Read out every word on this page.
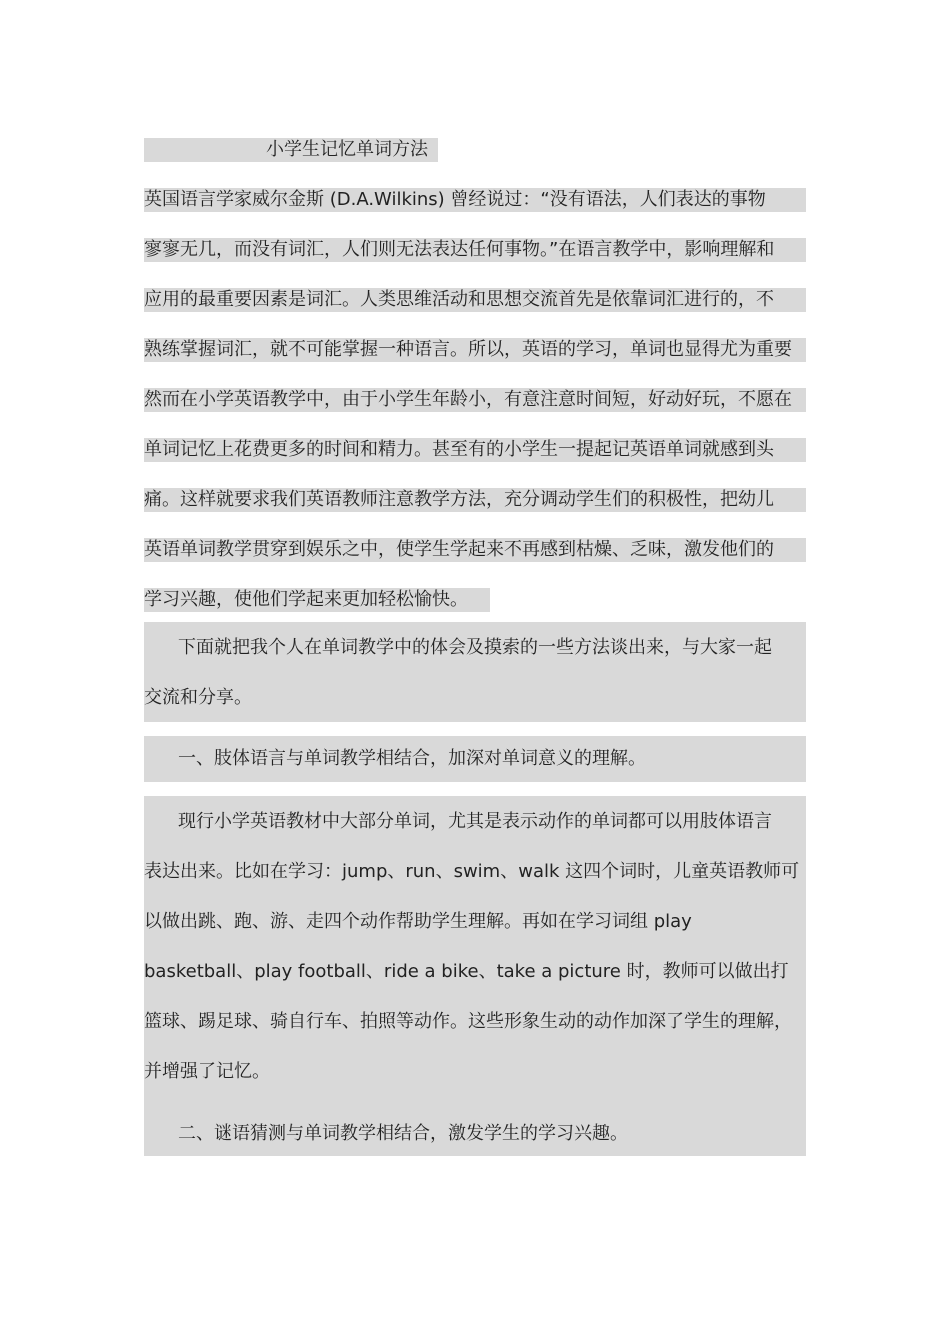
小学生记忆单词方法
英国语言学家威尔金斯 (D.A.Wilkins) 曾经说过：“没有语法，人们表达的事物
寥寥无几，而没有词汇，人们则无法表达任何事物。”在语言教学中，影响理解和
应用的最重要因素是词汇。人类思维活动和思想交流首先是依靠词汇进行的，不
熟练掌握词汇，就不可能掌握一种语言。所以，英语的学习，单词也显得尤为重要
然而在小学英语教学中，由于小学生年龄小，有意注意时间短，好动好玩，不愿在
单词记忆上花费更多的时间和精力。甚至有的小学生一提起记英语单词就感到头
痛。这样就要求我们英语教师注意教学方法，充分调动学生们的积极性，把幼儿
英语单词教学贯穿到娱乐之中，使学生学起来不再感到枯燥、乏味，激发他们的
学习兴趣，使他们学起来更加轻松愉快。
下面就把我个人在单词教学中的体会及摸索的一些方法谈出来，与大家一起
交流和分享。
一、肢体语言与单词教学相结合，加深对单词意义的理解。
现行小学英语教材中大部分单词，尤其是表示动作的单词都可以用肢体语言
表达出来。比如在学习：jump、run、swim、walk 这四个词时，儿童英语教师可
以做出跳、跑、游、走四个动作帮助学生理解。再如在学习词组 play
basketball、play football、ride a bike、take a picture 时，教师可以做出打
篮球、踢足球、骑自行车、拍照等动作。这些形象生动的动作加深了学生的理解，
并增强了记忆。
二、谜语猜测与单词教学相结合，激发学生的学习兴趣。
